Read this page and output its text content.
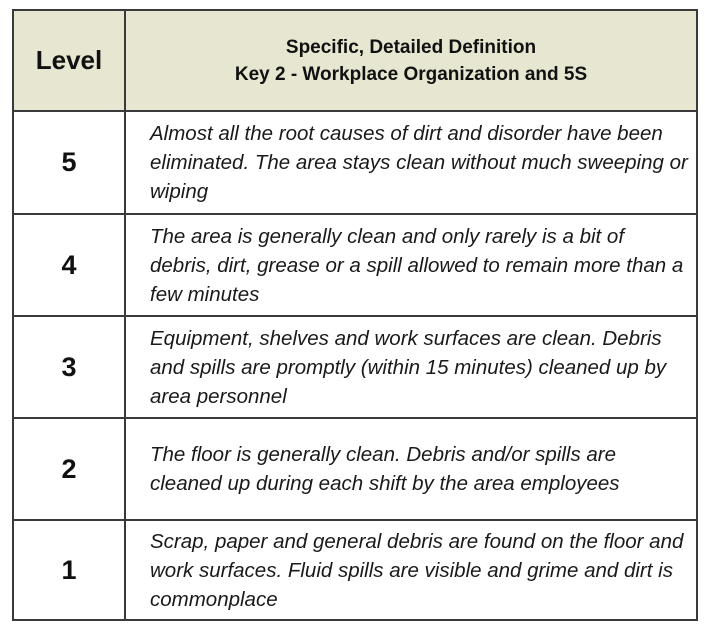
Level	Specific, Detailed Definition
Key 2 - Workplace Organization and 5S
5
Almost all the root causes of dirt and disorder have been eliminated. The area stays clean without much sweeping or wiping
4
The area is generally clean and only rarely is a bit of debris, dirt, grease or a spill allowed to remain more than a few minutes
3
Equipment, shelves and work surfaces are clean. Debris and spills are promptly (within 15 minutes) cleaned up by area personnel
2	The floor is generally clean. Debris and/or spills are cleaned up during each shift by the area employees
1
Scrap, paper and general debris are found on the floor and work surfaces. Fluid spills are visible and grime and dirt is commonplace
